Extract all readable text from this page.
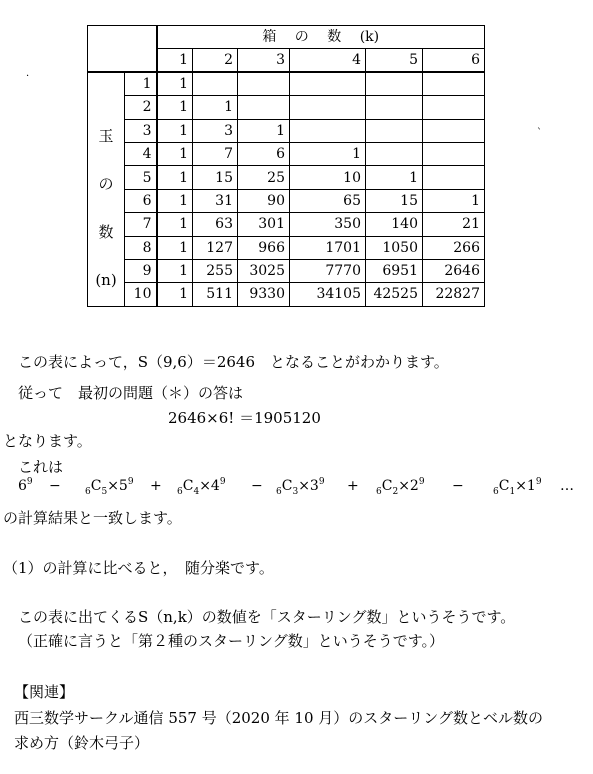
		箱　 の　 数　 (k)					
		1	2	3	4	5	6

玉
の
数
(n)	1	1					
	2	1	1				
	3	1	3	1			
	4	1	7	6	1		
	5	1	15	25	10	1	
	6	1	31	90	65	15	1
	7	1	63	301	350	140	21
	8	1	127	966	1701	1050	266
	9	1	255	3025	7770	6951	2646
	10	1	511	9330	34105	42525	22827
·
ˋ
この表によって，S（9,6）＝2646　となることがわかります。
従って　最初の問題（＊）の答は
2646×6! ＝1905120
となります。
これは
$6^9$ −	$_6C_5\times 5^9 + _6C_4\times 4^9 - _6C_3\times 3^9 + _6C_2\times 2^9$ −	$_6C_1\times 1^9$ …
の計算結果と一致します。
（1）の計算に比べると，　随分楽です。
この表に出てくるS（n,k）の数値を「スターリング数」というそうです。
（正確に言うと「第２種のスターリング数」というそうです。）
【関連】
西三数学サークル通信 557 号（2020 年 10 月）のスターリング数とベル数の
求め方（鈴木弓子）
